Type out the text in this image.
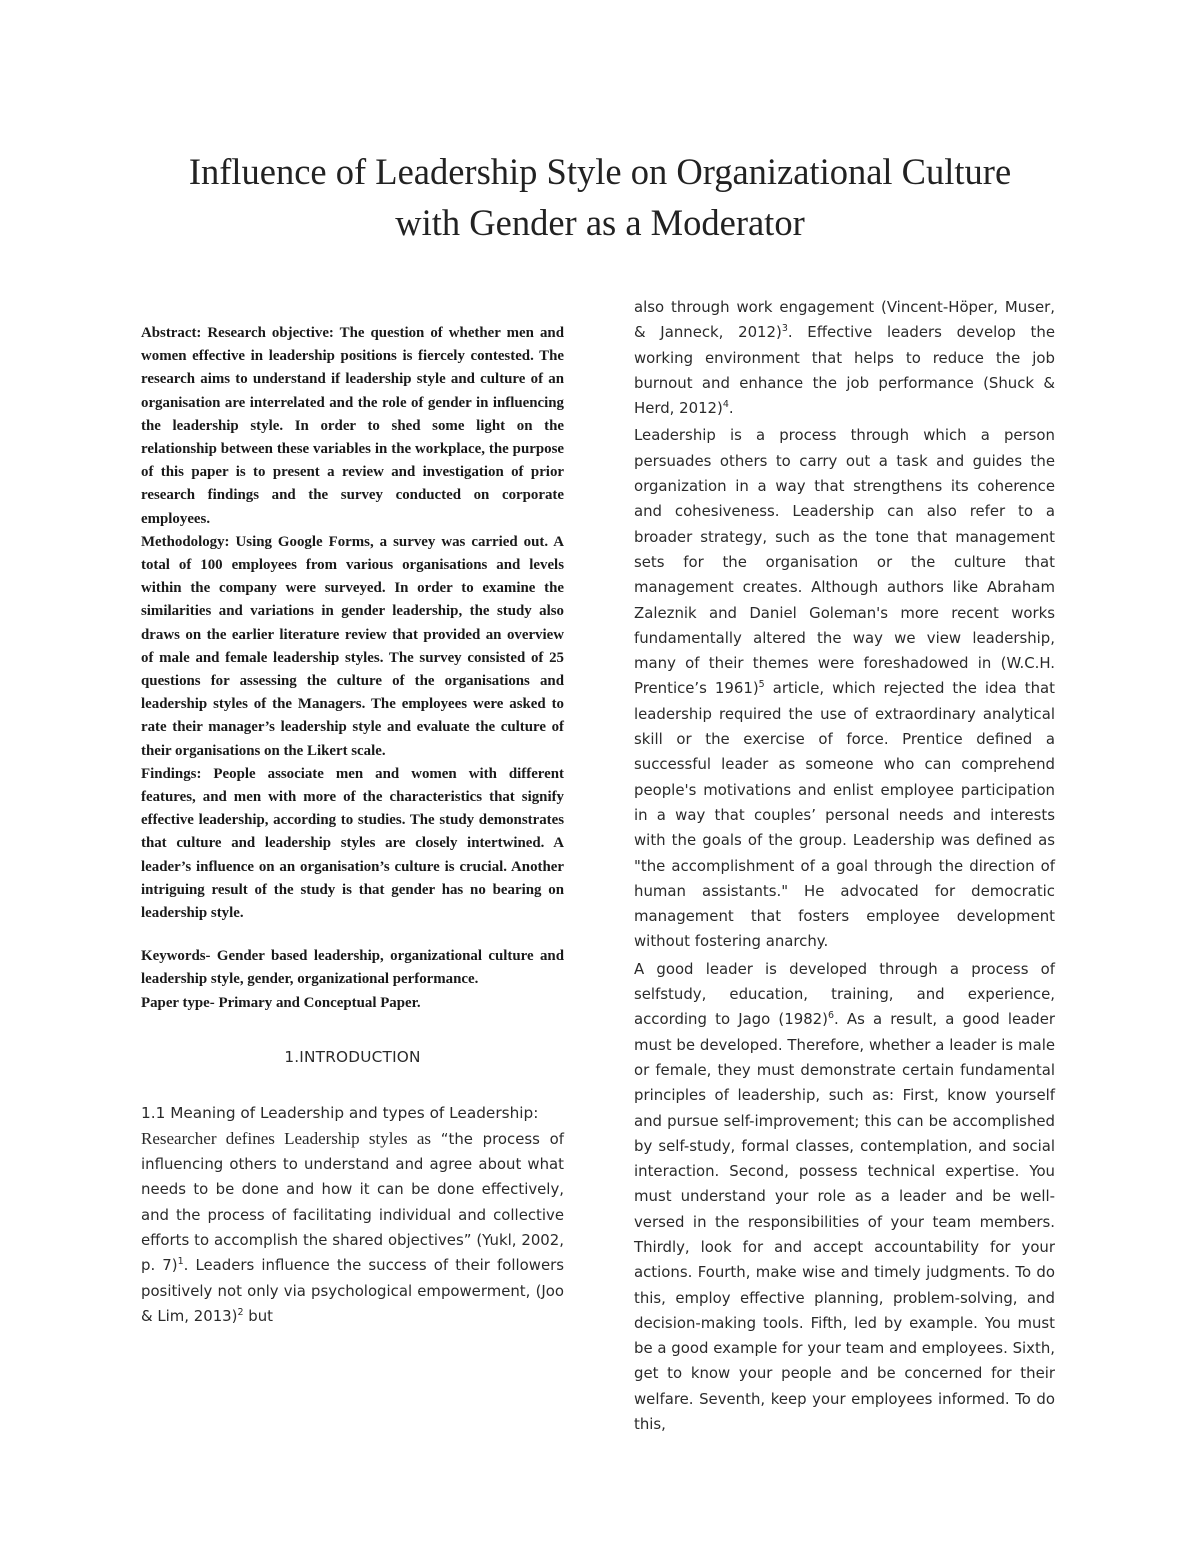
Influence of Leadership Style on Organizational Culture
with Gender as a Moderator

Abstract: Research objective: The question of whether men and women effective in leadership positions is fiercely contested. The research aims to understand if leadership style and culture of an organisation are interrelated and the role of gender in influencing the leadership style. In order to shed some light on the relationship between these variables in the workplace, the purpose of this paper is to present a review and investigation of prior research findings and the survey conducted on corporate employees.

Methodology: Using Google Forms, a survey was carried out. A total of 100 employees from various organisations and levels within the company were surveyed. In order to examine the similarities and variations in gender leadership, the study also draws on the earlier literature review that provided an overview of male and female leadership styles. The survey consisted of 25 questions for assessing the culture of the organisations and leadership styles of the Managers. The employees were asked to rate their manager’s leadership style and evaluate the culture of their organisations on the Likert scale.

Findings: People associate men and women with different features, and men with more of the characteristics that signify effective leadership, according to studies. The study demonstrates that culture and leadership styles are closely intertwined. A leader’s influence on an organisation’s culture is crucial. Another intriguing result of the study is that gender has no bearing on leadership style.

Keywords- Gender based leadership, organizational culture and leadership style, gender, organizational performance.

Paper type- Primary and Conceptual Paper.

1.INTRODUCTION
1.1 Meaning of Leadership and types of Leadership:

Researcher defines Leadership styles as “the process of influencing others to understand and agree about what needs to be done and how it can be done effectively, and the process of facilitating individual and collective efforts to accomplish the shared objectives” (Yukl, 2002, p. 7)$^1$. Leaders influence the success of their followers positively not only via psychological empowerment, (Joo & Lim, 2013)$^2$ but

also through work engagement (Vincent-Höper, Muser, & Janneck, 2012)$^3$. Effective leaders develop the working environment that helps to reduce the job burnout and enhance the job performance (Shuck & Herd, 2012)$^4$.

Leadership is a process through which a person persuades others to carry out a task and guides the organization in a way that strengthens its coherence and cohesiveness. Leadership can also refer to a broader strategy, such as the tone that management sets for the organisation or the culture that management creates. Although authors like Abraham Zaleznik and Daniel Goleman's more recent works fundamentally altered the way we view leadership, many of their themes were foreshadowed in (W.C.H. Prentice’s 1961)$^5$ article, which rejected the idea that leadership required the use of extraordinary analytical skill or the exercise of force. Prentice defined a successful leader as someone who can comprehend people's motivations and enlist employee participation in a way that couples’ personal needs and interests with the goals of the group. Leadership was defined as "the accomplishment of a goal through the direction of human assistants." He advocated for democratic management that fosters employee development without fostering anarchy.

A good leader is developed through a process of selfstudy, education, training, and experience, according to Jago $(1982)^6$. As a result, a good leader must be developed. Therefore, whether a leader is male or female, they must demonstrate certain fundamental principles of leadership, such as: First, know yourself and pursue self-improvement; this can be accomplished by self-study, formal classes, contemplation, and social interaction. Second, possess technical expertise. You must understand your role as a leader and be well-versed in the responsibilities of your team members. Thirdly, look for and accept accountability for your actions. Fourth, make wise and timely judgments. To do this, employ effective planning, problem-solving, and decision-making tools. Fifth, led by example. You must be a good example for your team and employees. Sixth, get to know your people and be concerned for their welfare. Seventh, keep your employees informed. To do this,
